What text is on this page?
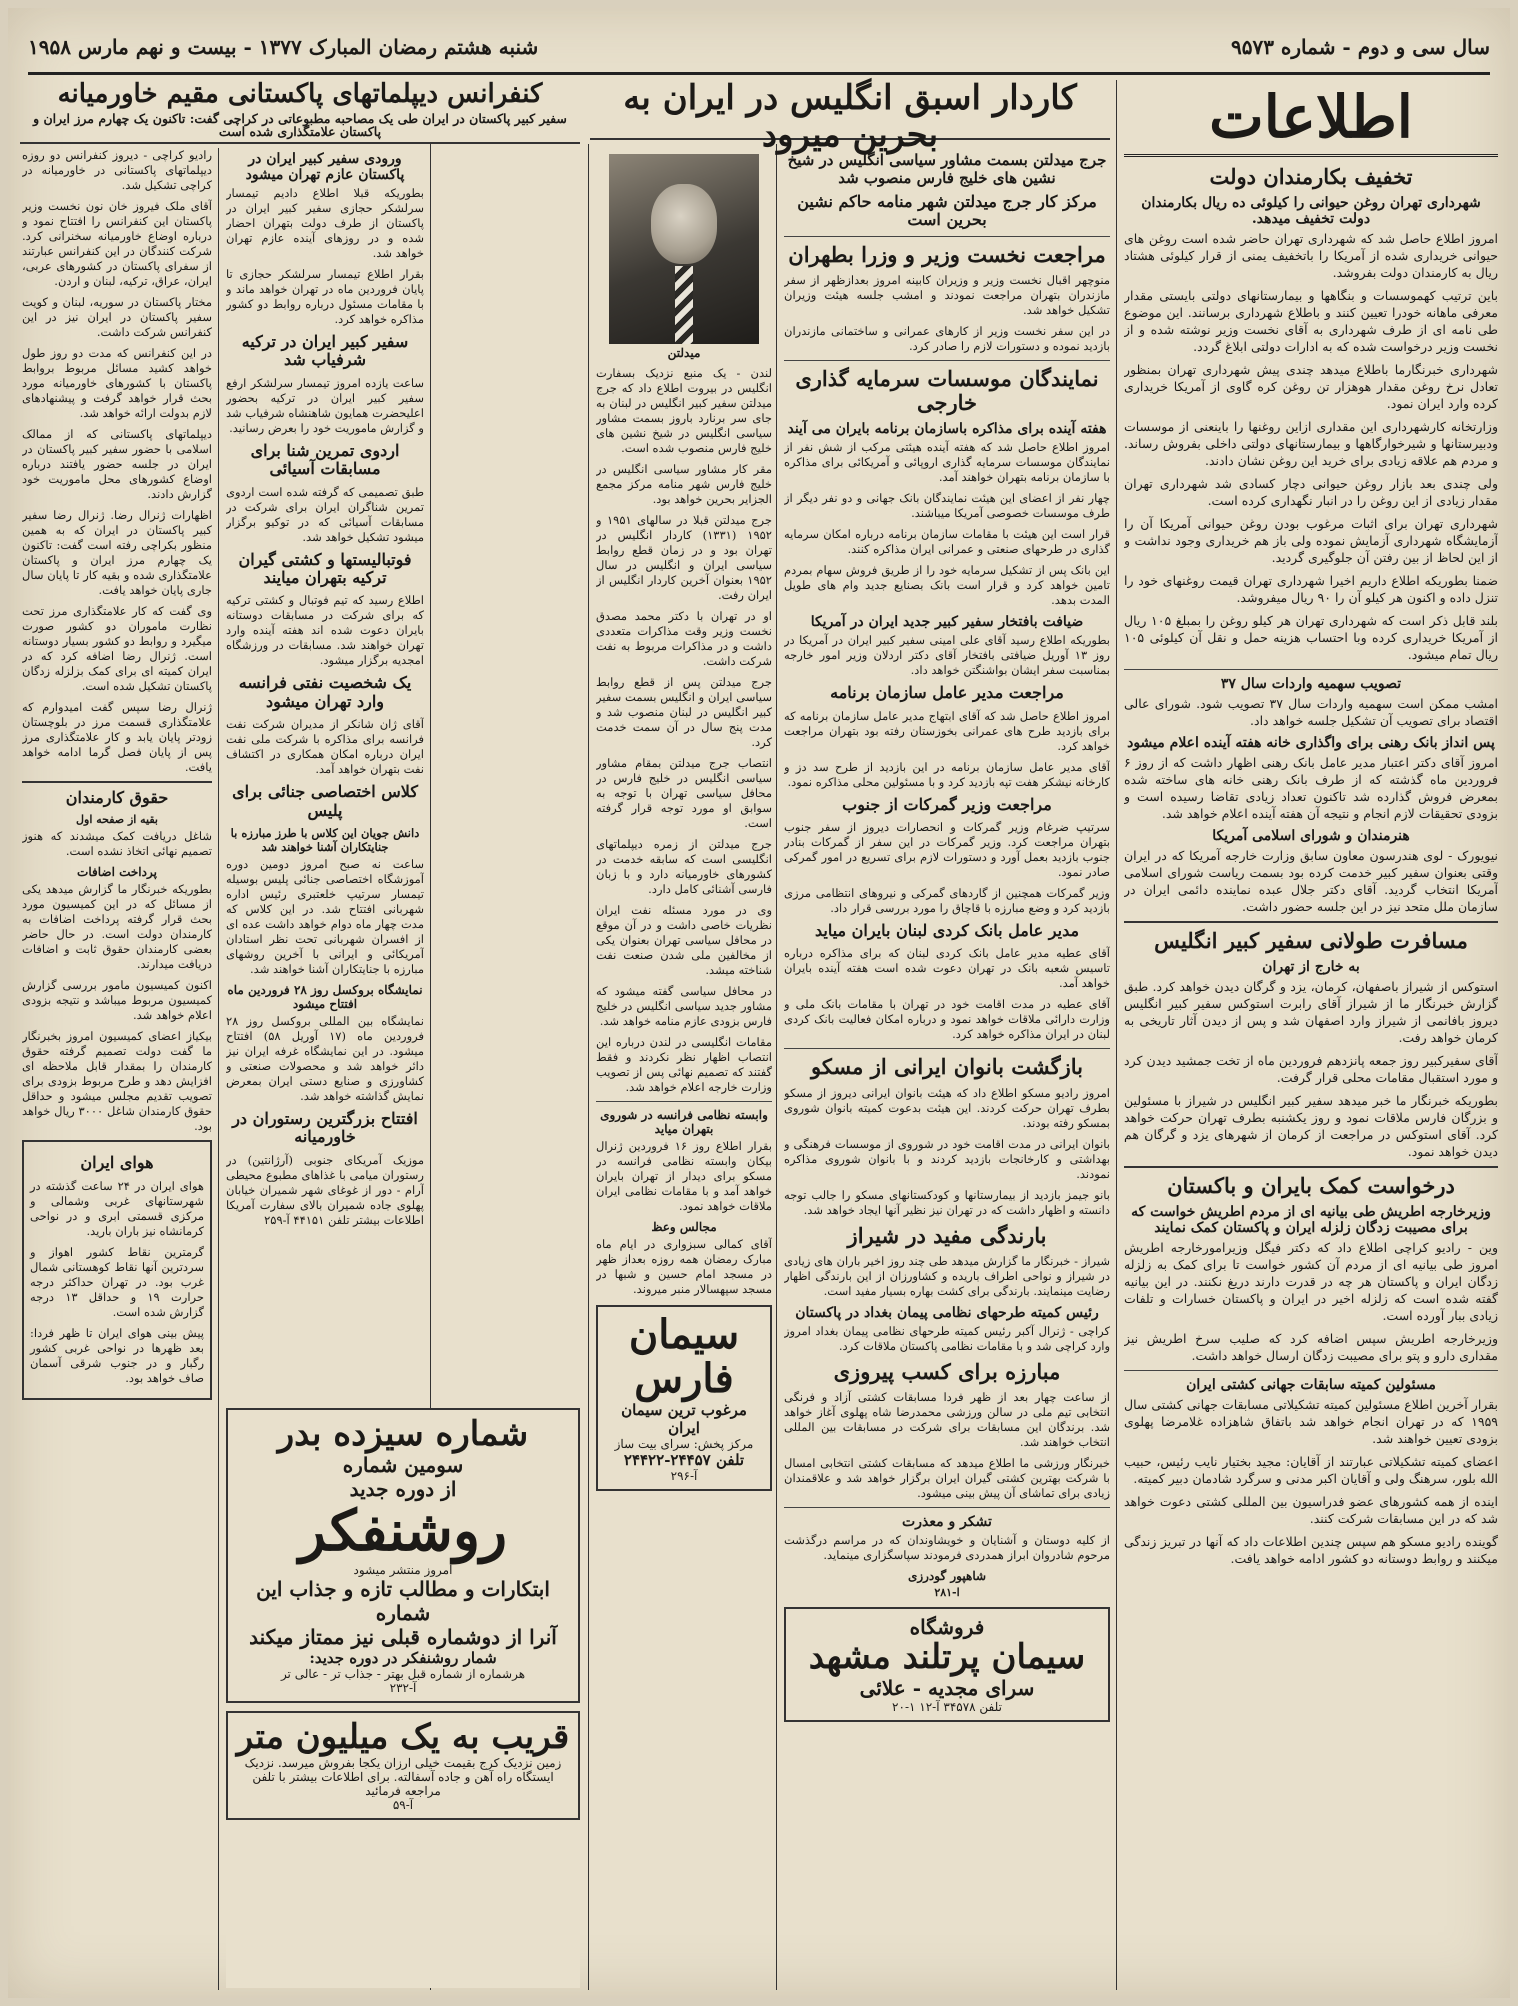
سال سی و دوم - شماره ۹۵۷۳
شنبه هشتم رمضان المبارک ۱۳۷۷ - بیست و نهم مارس ۱۹۵۸
اطلاعات
تخفیف بکارمندان دولت
شهرداری تهران روغن حیوانی را کیلوئی ده ریال بکارمندان دولت تخفیف میدهد.

امروز اطلاع حاصل شد که شهرداری تهران حاضر شده است روغن های حیوانی خریداری شده از آمریکا را باتخفیف یمنی از قرار کیلوئی هشتاد ریال به کارمندان دولت بفروشد.

باین ترتیب کهموسسات و بنگاهها و بیمارستانهای دولتی بایستی مقدار معرفی ماهانه خودرا تعیین کنند و باطلاع شهرداری برسانند. این موضوع طی نامه ای از طرف شهرداری به آقای نخست وزیر نوشته شده و از نخست وزیر درخواست شده که به ادارات دولتی ابلاغ گردد.

شهرداری خبرنگارما باطلاع میدهد چندی پیش شهرداری تهران بمنظور تعادل نرخ روغن مقدار هوهزار تن روغن کره گاوی از آمریکا خریداری کرده وارد ایران نمود.

وزارتخانه کارشهرداری این مقداری ازاین روغنها را باینعنی از موسسات ودبیرستانها و شیرخوارگاهها و بیمارستانهای دولتی داخلی بفروش رساند. و مردم هم علاقه زیادی برای خرید این روغن نشان دادند.

ولی چندی بعد بازار روغن حیوانی دچار کسادی شد شهرداری تهران مقدار زیادی از این روغن را در انبار نگهداری کرده است.

شهرداری تهران برای اثبات مرغوب بودن روغن حیوانی آمریکا آن را آزمایشگاه شهرداری آزمایش نموده ولی باز هم خریداری وجود نداشت و از این لحاظ از بین رفتن آن جلوگیری گردید.

ضمنا بطوریکه اطلاع داریم اخیرا شهرداری تهران قیمت روغنهای خود را تنزل داده و اکنون هر کیلو آن را ۹۰ ریال میفروشد.

بلند قابل ذکر است که شهرداری تهران هر کیلو روغن را بمبلغ ۱۰۵ ریال از آمریکا خریداری کرده وبا احتساب هزینه حمل و نقل آن کیلوئی ۱۰۵ ریال تمام میشود.

تصویب سهمیه واردات سال ۳۷

امشب ممکن است سهمیه واردات سال ۳۷ تصویب شود. شورای عالی اقتصاد برای تصویب آن تشکیل جلسه خواهد داد.

پس انداز بانک رهنی برای واگذاری خانه هفته آینده اعلام میشود

امروز آقای دکتر اعتبار مدیر عامل بانک رهنی اظهار داشت که از روز ۶ فروردین ماه گذشته که از طرف بانک رهنی خانه های ساخته شده بمعرض فروش گذارده شد تاکنون تعداد زیادی تقاضا رسیده است و بزودی تحقیقات لازم انجام و نتیجه آن هفته آینده اعلام خواهد شد.

هنرمندان و شوراى اسلامى آمريكا

نیویورک - لوی هندرسون معاون سابق وزارت خارجه آمریکا که در ایران وقتی بعنوان سفیر کبیر خدمت کرده بود بسمت ریاست شورای اسلامی آمریکا انتخاب گردید. آقای دکتر جلال عبده نماینده دائمی ایران در سازمان ملل متحد نیز در این جلسه حضور داشت.

مسافرت طولانی سفیر کبیر انگلیس
به خارج از تهران

استوکس از شیراز باصفهان، کرمان، یزد و گرگان دیدن خواهد کرد. طبق گزارش خبرنگار ما از شیراز آقای رابرت استوکس سفیر کبیر انگلیس دیروز بافانمی از شیراز وارد اصفهان شد و پس از دیدن آثار تاریخی به کرمان خواهد رفت.

آقای سفیرکبیر روز جمعه پانزدهم فروردین ماه از تخت جمشید دیدن کرد و مورد استقبال مقامات محلی قرار گرفت.

بطوریکه خبرنگار ما خبر میدهد سفیر کبیر انگلیس در شیراز با مسئولین و بزرگان فارس ملاقات نمود و روز یکشنبه بطرف تهران حرکت خواهد کرد. آقای استوکس در مراجعت از کرمان از شهرهای یزد و گرگان هم دیدن خواهد نمود.

درخواست کمک بایران و باکستان
وزیرخارجه اطریش طی بیانیه ای از مردم اطریش خواست که برای مصیبت زدگان زلزله ایران و پاکستان کمک نمایند

وین - رادیو کراچی اطلاع داد که دکتر فیگل وزیرامورخارجه اطریش امروز طی بیانیه ای از مردم آن کشور خواست تا برای کمک به زلزله زدگان ایران و پاکستان هر چه در قدرت دارند دریغ نکنند. در این بیانیه گفته شده است که زلزله اخیر در ایران و پاکستان خسارات و تلفات زیادی ببار آورده است.

وزیرخارجه اطریش سپس اضافه کرد که صلیب سرخ اطریش نیز مقداری دارو و پتو برای مصیبت زدگان ارسال خواهد داشت.

مسئولین کمیته سابقات جهانی کشتی ایران

بقرار آخرین اطلاع مسئولین کمیته تشکیلاتی مسابقات جهانی کشتی سال ۱۹۵۹ که در تهران انجام خواهد شد باتفاق شاهزاده غلامرضا پهلوی بزودی تعیین خواهند شد.

اعضای کمیته تشکیلاتی عبارتند از آقایان: مجید بختیار نایب رئیس، حبیب الله بلور، سرهنگ ولی و آقایان اکبر مدنی و سرگرد شادمان دبیر کمیته.

اینده از همه کشورهای عضو فدراسیون بین المللی کشتی دعوت خواهد شد که در این مسابقات شرکت کنند.

گوینده رادیو مسکو هم سپس چندین اطلاعات داد که آنها در تبریز زندگی میکنند و روابط دوستانه دو کشور ادامه خواهد یافت.

كاردار اسبق انگليس در ايران به بحرين ميرود
جرج میدلتن بسمت مشاور سیاسی انگلیس در شیخ نشین های خلیج فارس منصوب شد
مرکز کار جرج میدلتن شهر منامه حاکم نشین بحرین است
مراجعت نخست وزیر و وزرا بطهران

منوچهر اقبال نخست وزیر و وزیران کابینه امروز بعدازظهر از سفر مازندران بتهران مراجعت نمودند و امشب جلسه هیئت وزیران تشکیل خواهد شد.

در این سفر نخست وزیر از کارهای عمرانی و ساختمانی مازندران بازدید نموده و دستورات لازم را صادر کرد.

نمایندگان موسسات سرمایه گذاری خارجی
هفته آینده برای مذاکره باسازمان برنامه بایران می آیند

امروز اطلاع حاصل شد که هفته آینده هیئتی مرکب از شش نفر از نمایندگان موسسات سرمایه گذاری اروپائی و آمریکائی برای مذاکره با سازمان برنامه بتهران خواهند آمد.

چهار نفر از اعضای این هیئت نمایندگان بانک جهانی و دو نفر دیگر از طرف موسسات خصوصی آمریکا میباشند.

قرار است این هیئت با مقامات سازمان برنامه درباره امکان سرمایه گذاری در طرحهای صنعتی و عمرانی ایران مذاکره کنند.

این بانک پس از تشکیل سرمایه خود را از طریق فروش سهام بمردم تامین خواهد کرد و قرار است بانک بصنایع جدید وام های طویل المدت بدهد.

ضیافت بافتخار سفیر کبیر جدید ایران در آمریکا

بطوریکه اطلاع رسید آقای علی امینی سفیر کبیر ایران در آمریکا در روز ۱۳ آوریل ضیافتی بافتخار آقای دکتر اردلان وزیر امور خارجه بمناسبت سفر ایشان بواشنگتن خواهد داد.

مراجعت مدیر عامل سازمان برنامه

امروز اطلاع حاصل شد که آقای ابتهاج مدیر عامل سازمان برنامه که برای بازدید طرح های عمرانی بخوزستان رفته بود بتهران مراجعت خواهد کرد.

آقای مدیر عامل سازمان برنامه در این بازدید از طرح سد دز و کارخانه نیشکر هفت تپه بازدید کرد و با مسئولین محلی مذاکره نمود.

مراجعت وزیر گمرکات از جنوب

سرتیپ ضرغام وزیر گمرکات و انحصارات دیروز از سفر جنوب بتهران مراجعت کرد. وزیر گمرکات در این سفر از گمرکات بنادر جنوب بازدید بعمل آورد و دستورات لازم برای تسریع در امور گمرکی صادر نمود.

وزیر گمرکات همچنین از گاردهای گمرکی و نیروهای انتظامی مرزی بازدید کرد و وضع مبارزه با قاچاق را مورد بررسی قرار داد.

مدیر عامل بانک کردی لبنان بایران میاید

آقای عطیه مدیر عامل بانک کردی لبنان که برای مذاکره درباره تاسیس شعبه بانک در تهران دعوت شده است هفته آینده بایران خواهد آمد.

آقای عطیه در مدت اقامت خود در تهران با مقامات بانک ملی و وزارت دارائی ملاقات خواهد نمود و درباره امکان فعالیت بانک کردی لبنان در ایران مذاکره خواهد کرد.

بازگشت بانوان ایرانی از مسکو

امروز رادیو مسکو اطلاع داد که هیئت بانوان ایرانی دیروز از مسکو بطرف تهران حرکت کردند. این هیئت بدعوت کمیته بانوان شوروی بمسکو رفته بودند.

بانوان ایرانی در مدت اقامت خود در شوروی از موسسات فرهنگی و بهداشتی و کارخانجات بازدید کردند و با بانوان شوروی مذاکره نمودند.

بانو جیمز بازدید از بیمارستانها و کودکستانهای مسکو را جالب توجه دانسته و اظهار داشت که در تهران نیز نظیر آنها ایجاد خواهد شد.

بارندگی مفید در شیراز

شیراز - خبرنگار ما گزارش میدهد طی چند روز اخیر باران های زیادی در شیراز و نواحی اطراف باریده و کشاورزان از این بارندگی اظهار رضایت مینمایند. بارندگی برای کشت بهاره بسیار مفید است.

رئیس کمیته طرحهای نظامی پیمان بغداد در پاکستان

کراچی - ژنرال آکبر رئیس کمیته طرحهای نظامی پیمان بغداد امروز وارد کراچی شد و با مقامات نظامی پاکستان ملاقات کرد.

مبارزه برای کسب پیروزی

از ساعت چهار بعد از ظهر فردا مسابقات کشتی آزاد و فرنگی انتخابی تیم ملی در سالن ورزشی محمدرضا شاه پهلوی آغاز خواهد شد. برندگان این مسابقات برای شرکت در مسابقات بین المللی انتخاب خواهند شد.

خبرنگار ورزشی ما اطلاع میدهد که مسابقات کشتی انتخابی امسال با شرکت بهترین کشتی گیران ایران برگزار خواهد شد و علاقمندان زیادی برای تماشای آن پیش بینی میشود.

تشکر و معذرت

از کلیه دوستان و آشنایان و خویشاوندان که در مراسم درگذشت مرحوم شادروان ابراز همدردی فرمودند سپاسگزاری مینماید.

شاهپور گودرزی
ا-۲۸۱
فروشگاه
سیمان پرتلند مشهد
سرای مجدیه - علائی
تلفن ۳۴۵۷۸ آ-۱۲ ۱-۲۰
میدلتن

لندن - یک منبع نزدیک بسفارت انگلیس در بیروت اطلاع داد که جرج میدلتن سفیر کبیر انگلیس در لبنان به جای سر برنارد باروز بسمت مشاور سیاسی انگلیس در شیخ نشین های خلیج فارس منصوب شده است.

مقر کار مشاور سیاسی انگلیس در خلیج فارس شهر منامه مرکز مجمع الجزایر بحرین خواهد بود.

جرج میدلتن قبلا در سالهای ۱۹۵۱ و ۱۹۵۲ (۱۳۳۱) کاردار انگلیس در تهران بود و در زمان قطع روابط سیاسی ایران و انگلیس در سال ۱۹۵۲ بعنوان آخرین کاردار انگلیس از ایران رفت.

او در تهران با دکتر محمد مصدق نخست وزیر وقت مذاکرات متعددی داشت و در مذاکرات مربوط به نفت شرکت داشت.

جرج میدلتن پس از قطع روابط سیاسی ایران و انگلیس بسمت سفیر کبیر انگلیس در لبنان منصوب شد و مدت پنج سال در آن سمت خدمت کرد.

انتصاب جرج میدلتن بمقام مشاور سیاسی انگلیس در خلیج فارس در محافل سیاسی تهران با توجه به سوابق او مورد توجه قرار گرفته است.

جرج میدلتن از زمره دیپلماتهای انگلیسی است که سابقه خدمت در کشورهای خاورمیانه دارد و با زبان فارسی آشنائی کامل دارد.

وی در مورد مسئله نفت ایران نظریات خاصی داشت و در آن موقع در محافل سیاسی تهران بعنوان یکی از مخالفین ملی شدن صنعت نفت شناخته میشد.

در محافل سیاسی گفته میشود که مشاور جدید سیاسی انگلیس در خلیج فارس بزودی عازم منامه خواهد شد.

مقامات انگلیسی در لندن درباره این انتصاب اظهار نظر نکردند و فقط گفتند که تصمیم نهائی پس از تصویب وزارت خارجه اعلام خواهد شد.

وابسته نظامی فرانسه در شوروی بتهران میاید

بقرار اطلاع روز ۱۶ فروردین ژنرال بیکان وابسته نظامی فرانسه در مسکو برای دیدار از تهران بایران خواهد آمد و با مقامات نظامی ایران ملاقات خواهد نمود.

مجالس وعظ

آقای کمالی سبزواری در ایام ماه مبارک رمضان همه روزه بعداز ظهر در مسجد امام حسین و شبها در مسجد سپهسالار منبر میروند.

سیمان فارس
مرغوب ترین سیمان ایران
مرکز پخش: سرای بیت ساز
تلفن ۲۴۴۵۷-۲۴۴۲۲
آ-۲۹۶
کنفرانس دیپلماتهای پاکستانی مقیم خاورمیانه
سفیر کبیر پاکستان در ایران طی یک مصاحبه مطبوعاتی در کراچی گفت: تاکنون یک چهارم مرز ایران و پاکستان علامتگذاری شده است
ورودی سفیر کبیر ایران در پاکستان عازم تهران میشود

بطوریکه قبلا اطلاع دادیم تیمسار سرلشکر حجازی سفیر کبیر ایران در پاکستان از طرف دولت بتهران احضار شده و در روزهای آینده عازم تهران خواهد شد.

بقرار اطلاع تیمسار سرلشکر حجازی تا پایان فروردین ماه در تهران خواهد ماند و با مقامات مسئول درباره روابط دو کشور مذاکره خواهد کرد.

سفیر کبیر ایران در ترکیه شرفیاب شد

ساعت یازده امروز تیمسار سرلشکر ارفع سفیر کبیر ایران در ترکیه بحضور اعلیحضرت همایون شاهنشاه شرفیاب شد و گزارش ماموریت خود را بعرض رسانید.

اردوی تمرین شنا برای مسابقات آسیائی

طبق تصمیمی که گرفته شده است اردوی تمرین شناگران ایران برای شرکت در مسابقات آسیائی که در توکیو برگزار میشود تشکیل خواهد شد.

فوتبالیستها و کشتی گیران ترکیه بتهران میایند

اطلاع رسید که تیم فوتبال و کشتی ترکیه که برای شرکت در مسابقات دوستانه بایران دعوت شده اند هفته آینده وارد تهران خواهند شد. مسابقات در ورزشگاه امجدیه برگزار میشود.

یک شخصیت نفتی فرانسه وارد تهران میشود

آقای ژان شانکر از مدیران شرکت نفت فرانسه برای مذاکره با شرکت ملی نفت ایران درباره امکان همکاری در اکتشاف نفت بتهران خواهد آمد.

کلاس اختصاصی جنائی برای پلیس
دانش جویان این کلاس با طرز مبارزه با جنایتکاران آشنا خواهند شد

ساعت نه صبح امروز دومین دوره آموزشگاه اختصاصی جنائی پلیس بوسیله تیمسار سرتیپ خلعتبری رئیس اداره شهربانی افتتاح شد. در این کلاس که مدت چهار ماه دوام خواهد داشت عده ای از افسران شهربانی تحت نظر استادان آمریکائی و ایرانی با آخرین روشهای مبارزه با جنایتکاران آشنا خواهند شد.

نمایشگاه بروکسل روز ۲۸ فروردین ماه افتتاح میشود

نمایشگاه بین المللی بروکسل روز ۲۸ فروردین ماه (۱۷ آوریل ۵۸) افتتاح میشود. در این نمایشگاه غرفه ایران نیز دائر خواهد شد و محصولات صنعتی و کشاورزی و صنایع دستی ایران بمعرض نمایش گذاشته خواهد شد.

افتتاح بزرگترین رستوران در خاورمیانه

موزیک آمریکای جنوبی (آرژانتین) در رستوران میامی با غذاهای مطبوع محیطی آرام - دور از غوغای شهر شمیران خیابان پهلوی جاده شمیران بالای سفارت آمریکا اطلاعات بیشتر تلفن ۴۴۱۵۱ آ-۲۵۹

رادیو کراچی - دیروز کنفرانس دو روزه دیپلماتهای پاکستانی در خاورمیانه در کراچی تشکیل شد.

آقای ملک فیروز خان نون نخست وزیر پاکستان این کنفرانس را افتتاح نمود و درباره اوضاع خاورمیانه سخنرانی کرد. شرکت کنندگان در این کنفرانس عبارتند از سفرای پاکستان در کشورهای عربی، ایران، عراق، ترکیه، لبنان و اردن.

مختار پاکستان در سوریه، لبنان و کویت سفیر پاکستان در ایران نیز در این کنفرانس شرکت داشت.

در این کنفرانس که مدت دو روز طول خواهد کشید مسائل مربوط بروابط پاکستان با کشورهای خاورمیانه مورد بحث قرار خواهد گرفت و پیشنهادهای لازم بدولت ارائه خواهد شد.

دیپلماتهای پاکستانی که از ممالک اسلامی با حضور سفیر کبیر پاکستان در ایران در جلسه حضور یافتند درباره اوضاع کشورهای محل ماموریت خود گزارش دادند.

اظهارات ژنرال رضا. ژنرال رضا سفیر کبیر پاکستان در ایران که به همین منظور بکراچی رفته است گفت: تاکنون یک چهارم مرز ایران و پاکستان علامتگذاری شده و بقیه کار تا پایان سال جاری پایان خواهد یافت.

وی گفت که کار علامتگذاری مرز تحت نظارت ماموران دو کشور صورت میگیرد و روابط دو کشور بسیار دوستانه است. ژنرال رضا اضافه کرد که در ایران کمیته ای برای کمک بزلزله زدگان پاکستان تشکیل شده است.

ژنرال رضا سپس گفت امیدوارم که علامتگذاری قسمت مرز در بلوچستان زودتر پایان یابد و کار علامتگذاری مرز پس از پایان فصل گرما ادامه خواهد یافت.

حقوق کارمندان
بقیه از صفحه اول

شاغل دریافت کمک میشدند که هنوز تصمیم نهائی اتخاذ نشده است.

پرداخت اضافات

بطوریکه خبرنگار ما گزارش میدهد یکی از مسائل که در این کمیسیون مورد بحث قرار گرفته پرداخت اضافات به کارمندان دولت است. در حال حاضر بعضی کارمندان حقوق ثابت و اضافات دریافت میدارند.

اکنون کمیسیون مامور بررسی گزارش کمیسیون مربوط میباشد و نتیجه بزودی اعلام خواهد شد.

بیکیاز اعضای کمیسیون امروز بخبرنگار ما گفت دولت تصمیم گرفته حقوق کارمندان را بمقدار قابل ملاحظه ای افزایش دهد و طرح مربوط بزودی برای تصویب تقدیم مجلس میشود و حداقل حقوق کارمندان شاغل ۳۰۰۰ ریال خواهد بود.

هوای ایران

هوای ایران در ۲۴ ساعت گذشته در شهرستانهای غربی وشمالی و مرکزی قسمتی ابری و در نواحی کرمانشاه نیز باران بارید.

گرمترین نقاط کشور اهواز و سردترین آنها نقاط کوهستانی شمال غرب بود. در تهران حداکثر درجه حرارت ۱۹ و حداقل ۱۳ درجه گزارش شده است.

پیش بینی هوای ایران تا ظهر فردا: بعد ظهرها در نواحی غربی کشور رگبار و در جنوب شرقی آسمان صاف خواهد بود.

شماره سیزده بدر
سومین شماره
از دوره جدید
روشنفکر
امروز منتشر میشود
ابتکارات و مطالب تازه و جذاب این شماره
آنرا از دوشماره قبلی نیز ممتاز میکند
شمار روشنفکر در دوره جدید:
هرشماره از شماره قبل بهتر - جذاب تر - عالی تر
آ-۲۳۲
قریب به یک میلیون متر
زمین نزدیک کرج بقیمت خیلی ارزان یکجا بفروش میرسد. نزدیک ایستگاه راه آهن و جاده آسفالته. برای اطلاعات بیشتر با تلفن مراجعه فرمائید
آ-۵۹
